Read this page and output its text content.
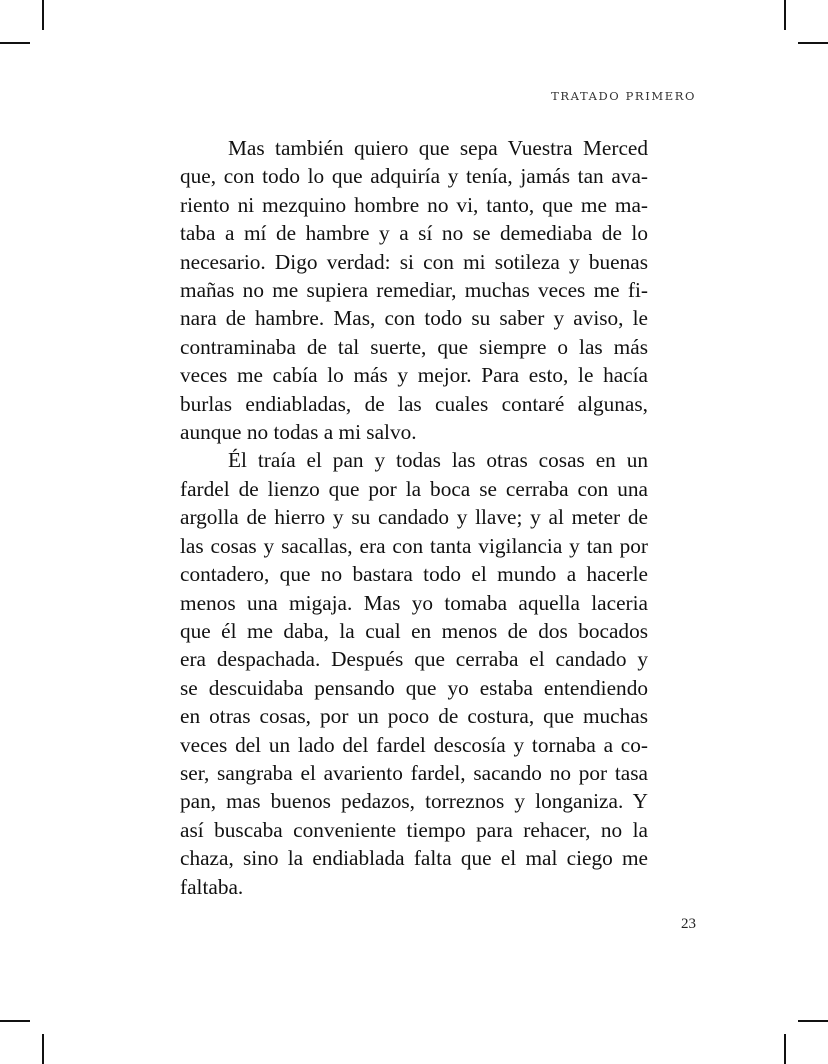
TRATADO PRIMERO

Mas también quiero que sepa Vuestra Merced
que, con todo lo que adquiría y tenía, jamás tan ava-
riento ni mezquino hombre no vi, tanto, que me ma-
taba a mí de hambre y a sí no se demediaba de lo
necesario. Digo verdad: si con mi sotileza y buenas
mañas no me supiera remediar, muchas veces me fi-
nara de hambre. Mas, con todo su saber y aviso, le
contraminaba de tal suerte, que siempre o las más
veces me cabía lo más y mejor. Para esto, le hacía
burlas endiabladas, de las cuales contaré algunas,
aunque no todas a mi salvo.

Él traía el pan y todas las otras cosas en un
fardel de lienzo que por la boca se cerraba con una
argolla de hierro y su candado y llave; y al meter de
las cosas y sacallas, era con tanta vigilancia y tan por
contadero, que no bastara todo el mundo a hacerle
menos una migaja. Mas yo tomaba aquella laceria
que él me daba, la cual en menos de dos bocados
era despachada. Después que cerraba el candado y
se descuidaba pensando que yo estaba entendiendo
en otras cosas, por un poco de costura, que muchas
veces del un lado del fardel descosía y tornaba a co-
ser, sangraba el avariento fardel, sacando no por tasa
pan, mas buenos pedazos, torreznos y longaniza. Y
así buscaba conveniente tiempo para rehacer, no la
chaza, sino la endiablada falta que el mal ciego me
faltaba.

23
